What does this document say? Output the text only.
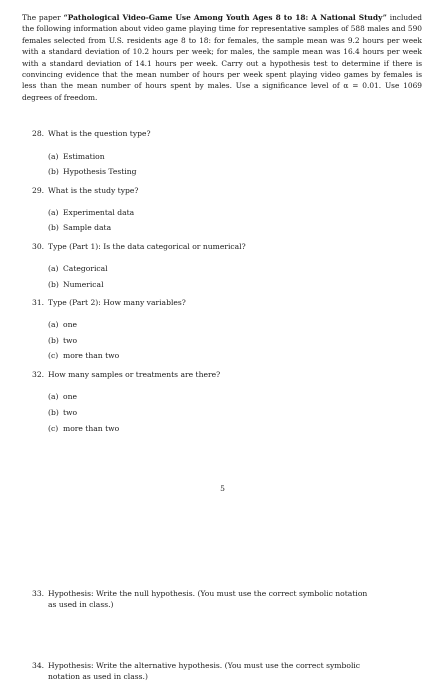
The paper “Pathological Video-Game Use Among Youth Ages 8 to 18: A National Study” included the following information about video game playing time for representative samples of 588 males and 590 females selected from U.S. residents age 8 to 18: for females, the sample mean was 9.2 hours per week with a standard deviation of 10.2 hours per week; for males, the sample mean was 16.4 hours per week with a standard deviation of 14.1 hours per week. Carry out a hypothesis test to determine if there is convincing evidence that the mean number of hours per week spent playing video games by females is less than the mean number of hours spent by males. Use a significance level of α = 0.01. Use 1069 degrees of freedom.
28. What is the question type?
(a) Estimation
(b) Hypothesis Testing
29. What is the study type?
(a) Experimental data
(b) Sample data
30. Type (Part 1): Is the data categorical or numerical?
(a) Categorical
(b) Numerical
31. Type (Part 2): How many variables?
(a) one
(b) two
(c) more than two
32. How many samples or treatments are there?
(a) one
(b) two
(c) more than two
5
33. Hypothesis: Write the null hypothesis. (You must use the correct symbolic notation
as used in class.)
34. Hypothesis: Write the alternative hypothesis. (You must use the correct symbolic
notation as used in class.)
